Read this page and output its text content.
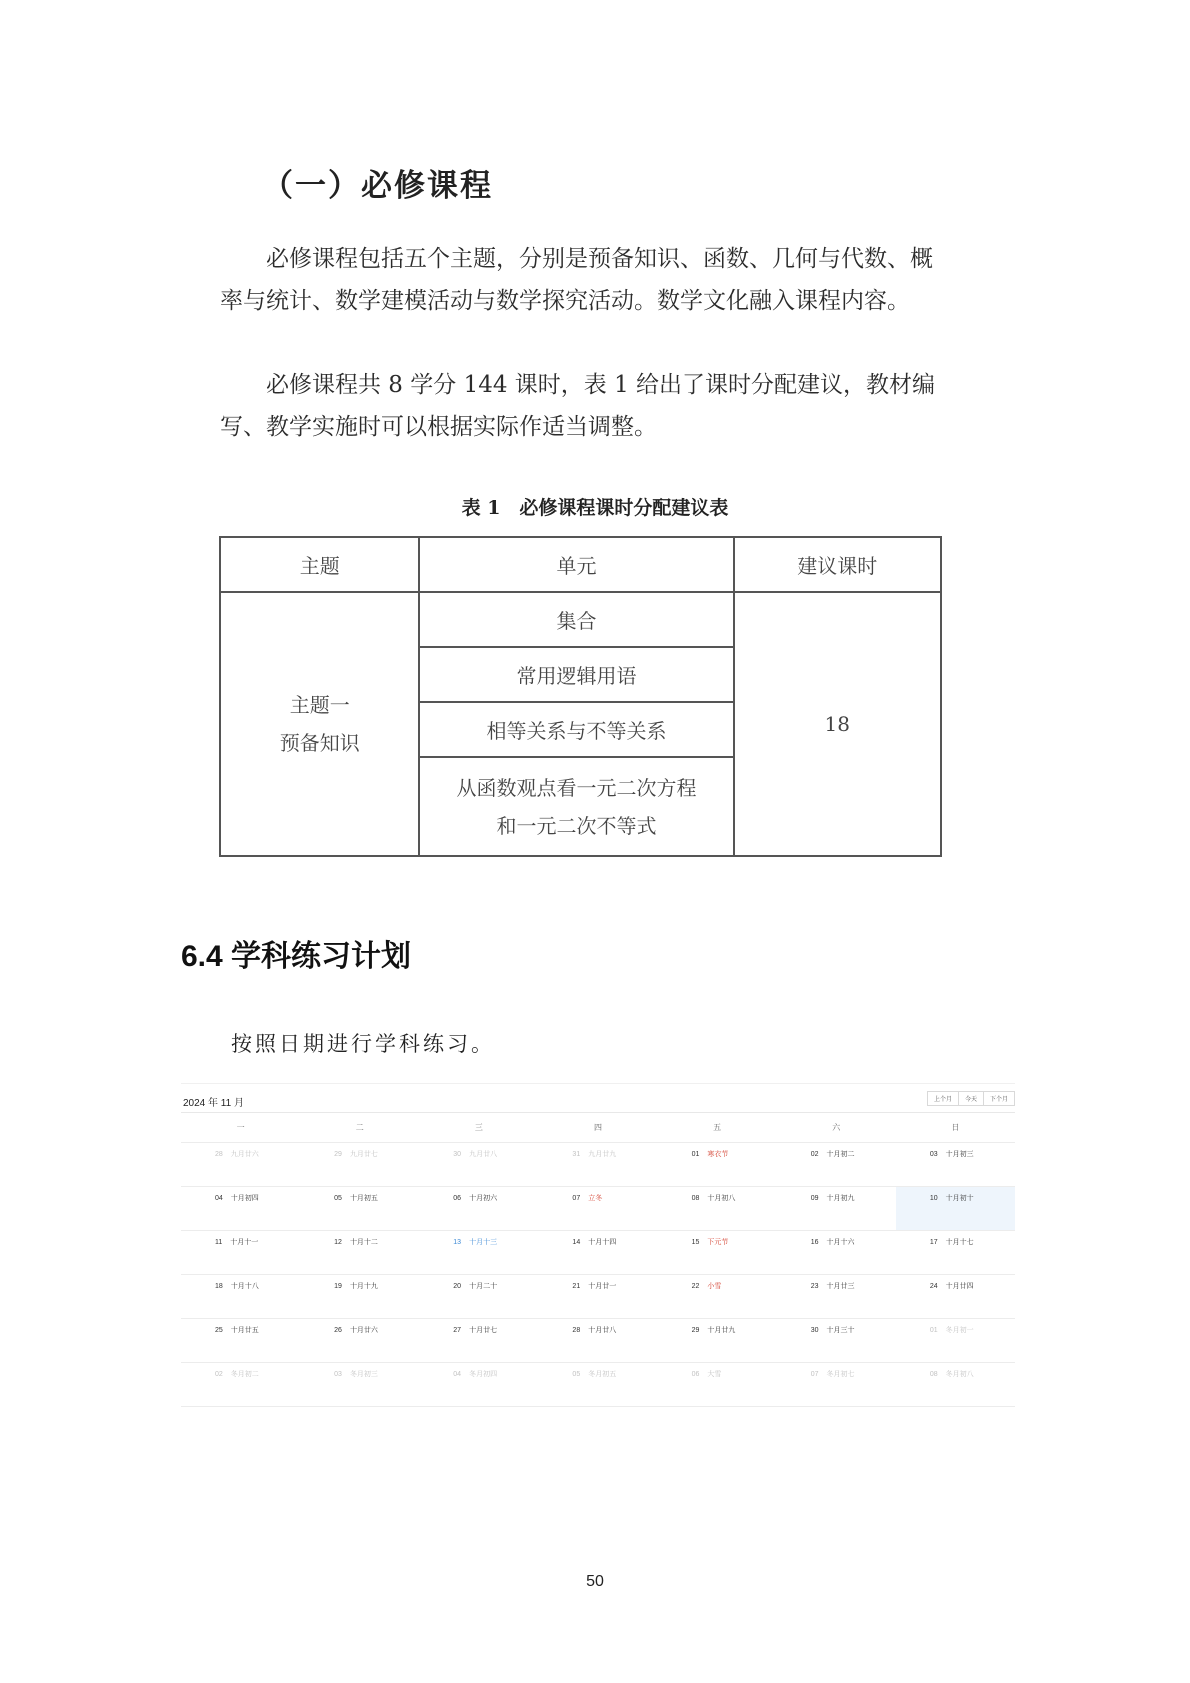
（一）必修课程

必修课程包括五个主题，分别是预备知识、函数、几何与代数、概率与统计、数学建模活动与数学探究活动。数学文化融入课程内容。

必修课程共 8 学分 144 课时，表 1 给出了课时分配建议，教材编写、教学实施时可以根据实际作适当调整。

表 1　必修课程课时分配建议表
主题	单元	建议课时

主题一
预备知识	集合	18
	常用逻辑用语	
	相等关系与不等关系	

	从函数观点看一元二次方程
和一元二次不等式	
6.4 学科练习计划
按照日期进行学科练习。
2024 年 11 月	上个月	今天	下个月
一	二	三	四	五	六	日
28 九月廿六	29 九月廿七	30 九月廿八	31 九月廿九	01 寒衣节	02 十月初二	03 十月初三
04 十月初四	05 十月初五	06 十月初六	07 立冬	08 十月初八	09 十月初九	10 十月初十
11 十月十一	12 十月十二	13 十月十三	14 十月十四	15 下元节	16 十月十六	17 十月十七
18 十月十八	19 十月十九	20 十月二十	21 十月廿一	22 小雪	23 十月廿三	24 十月廿四
25 十月廿五	26 十月廿六	27 十月廿七	28 十月廿八	29 十月廿九	30 十月三十	01 冬月初一
02 冬月初二	03 冬月初三	04 冬月初四	05 冬月初五	06 大雪	07 冬月初七	08 冬月初八
50
